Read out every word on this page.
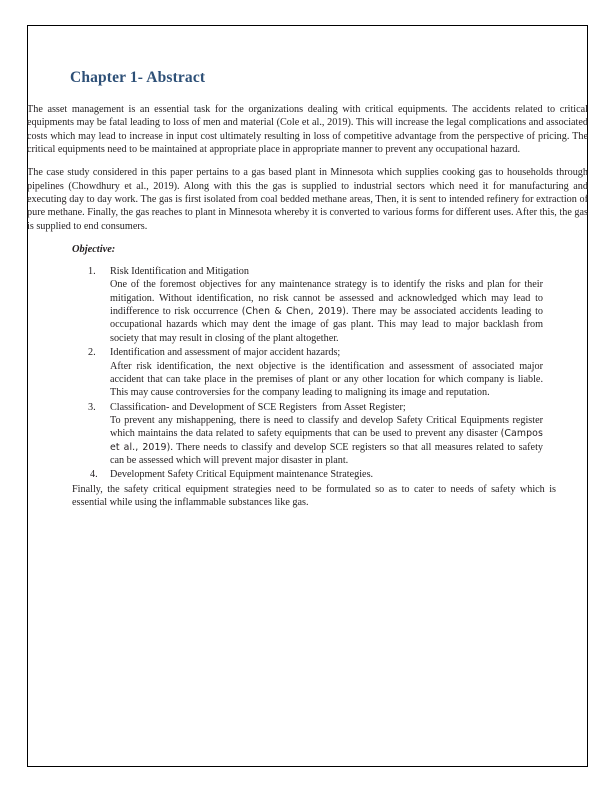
Chapter 1- Abstract

The asset management is an essential task for the organizations dealing with critical equipments. The accidents related to critical equipments may be fatal leading to loss of men and material (Cole et al., 2019). This will increase the legal complications and associated costs which may lead to increase in input cost ultimately resulting in loss of competitive advantage from the perspective of pricing. The critical equipments need to be maintained at appropriate place in appropriate manner to prevent any occupational hazard.

The case study considered in this paper pertains to a gas based plant in Minnesota which supplies cooking gas to households through pipelines (Chowdhury et al., 2019). Along with this the gas is supplied to industrial sectors which need it for manufacturing and executing day to day work. The gas is first isolated from coal bedded methane areas, Then, it is sent to intended refinery for extraction of pure methane. Finally, the gas reaches to plant in Minnesota whereby it is converted to various forms for different uses. After this, the gas is supplied to end consumers.

Objective:

1.	Risk Identification and Mitigation
One of the foremost objectives for any maintenance strategy is to identify the risks and plan for their mitigation. Without identification, no risk cannot be assessed and acknowledged which may lead to indifference to risk occurrence (Chen & Chen, 2019). There may be associated accidents leading to occupational hazards which may dent the image of gas plant. This may lead to major backlash from society that may result in closing of the plant altogether.
2.	Identification and assessment of major accident hazards;
After risk identification, the next objective is the identification and assessment of associated major accident that can take place in the premises of plant or any other location for which company is liable. This may cause controversies for the company leading to maligning its image and reputation.
3.	Classification- and Development of SCE Registers  from Asset Register;
To prevent any mishappening, there is need to classify and develop Safety Critical Equipments register which maintains the data related to safety equipments that can be used to prevent any disaster (Campos et al., 2019). There needs to classify and develop SCE registers so that all measures related to safety can be assessed which will prevent major disaster in plant.
4.	Development Safety Critical Equipment maintenance Strategies.

Finally, the safety critical equipment strategies need to be formulated so as to cater to needs of safety which is essential while using the inflammable substances like gas.
